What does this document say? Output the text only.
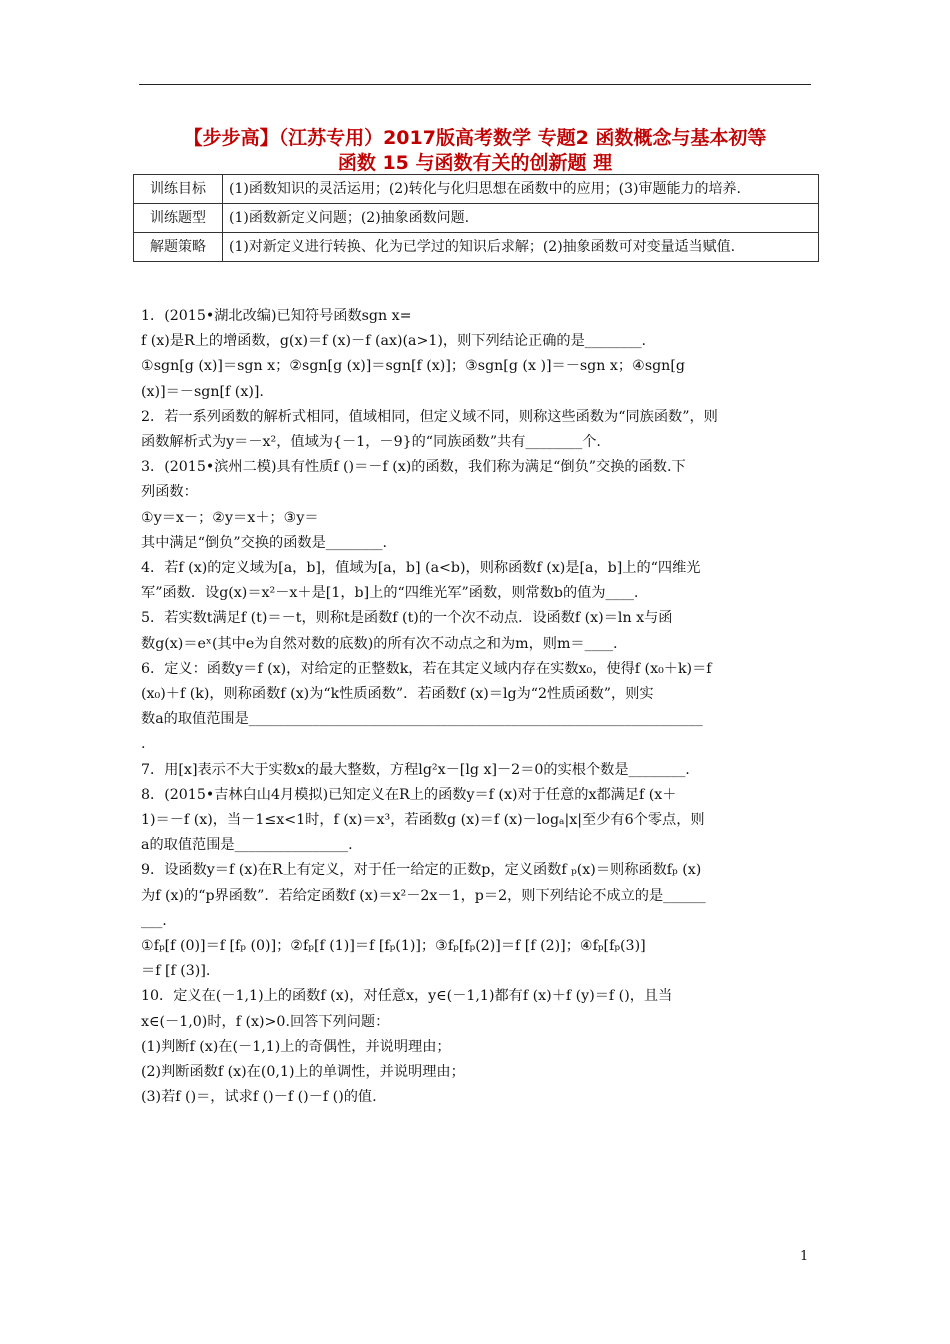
【步步高】（江苏专用）2017版高考数学 专题2 函数概念与基本初等
函数 15 与函数有关的创新题 理
训练目标	(1)函数知识的灵活运用；(2)转化与化归思想在函数中的应用；(3)审题能力的培养.
训练题型	(1)函数新定义问题；(2)抽象函数问题.
解题策略	(1)对新定义进行转换、化为已学过的知识后求解；(2)抽象函数可对变量适当赋值.

1．(2015•湖北改编)已知符号函数sgn x=

f (x)是R上的增函数，g(x)＝f (x)－f (ax)(a>1)，则下列结论正确的是________.

①sgn[g (x)]＝sgn x；②sgn[g (x)]＝sgn[f (x)]；③sgn[g (x )]＝－sgn x；④sgn[g

(x)]＝－sgn[f (x)].

2．若一系列函数的解析式相同，值域相同，但定义域不同，则称这些函数为“同族函数”，则

函数解析式为y＝－x²，值域为{－1，－9}的“同族函数”共有________个.

3．(2015•滨州二模)具有性质f ()＝－f (x)的函数，我们称为满足“倒负”交换的函数.下

列函数：

①y＝x－；②y＝x＋；③y＝

其中满足“倒负”交换的函数是________.

4．若f (x)的定义域为[a，b]，值域为[a，b] (a<b)，则称函数f (x)是[a，b]上的“四维光

军”函数．设g(x)＝x²－x＋是[1，b]上的“四维光军”函数，则常数b的值为____.

5．若实数t满足f (t)＝－t，则称t是函数f (t)的一个次不动点．设函数f (x)＝ln x与函

数g(x)＝eˣ(其中e为自然对数的底数)的所有次不动点之和为m，则m＝____.

6．定义：函数y＝f (x)，对给定的正整数k，若在其定义域内存在实数x₀，使得f (x₀＋k)＝f

(x₀)＋f (k)，则称函数f (x)为“k性质函数”．若函数f (x)＝lg为“2性质函数”，则实

数a的取值范围是________________________________________________________________

.

7．用[x]表示不大于实数x的最大整数，方程lg²x－[lg x]－2＝0的实根个数是________.

8．(2015•吉林白山4月模拟)已知定义在R上的函数y＝f (x)对于任意的x都满足f (x＋

1)＝－f (x)，当－1≤x<1时，f (x)＝x³，若函数g (x)＝f (x)－logₐ|x|至少有6个零点，则

a的取值范围是________________.

9．设函数y＝f (x)在R上有定义，对于任一给定的正数p，定义函数f ₚ(x)＝则称函数fₚ (x)

为f (x)的“p界函数”．若给定函数f (x)＝x²－2x－1，p＝2，则下列结论不成立的是______

___.

①fₚ[f (0)]＝f [fₚ (0)]；②fₚ[f (1)]＝f [fₚ(1)]；③fₚ[fₚ(2)]＝f [f (2)]；④fₚ[fₚ(3)]

＝f [f (3)].

10．定义在(－1,1)上的函数f (x)，对任意x，y∈(－1,1)都有f (x)＋f (y)＝f ()，且当

x∈(－1,0)时，f (x)>0.回答下列问题：

(1)判断f (x)在(－1,1)上的奇偶性，并说明理由；

(2)判断函数f (x)在(0,1)上的单调性，并说明理由；

(3)若f ()＝，试求f ()－f ()－f ()的值.

1
